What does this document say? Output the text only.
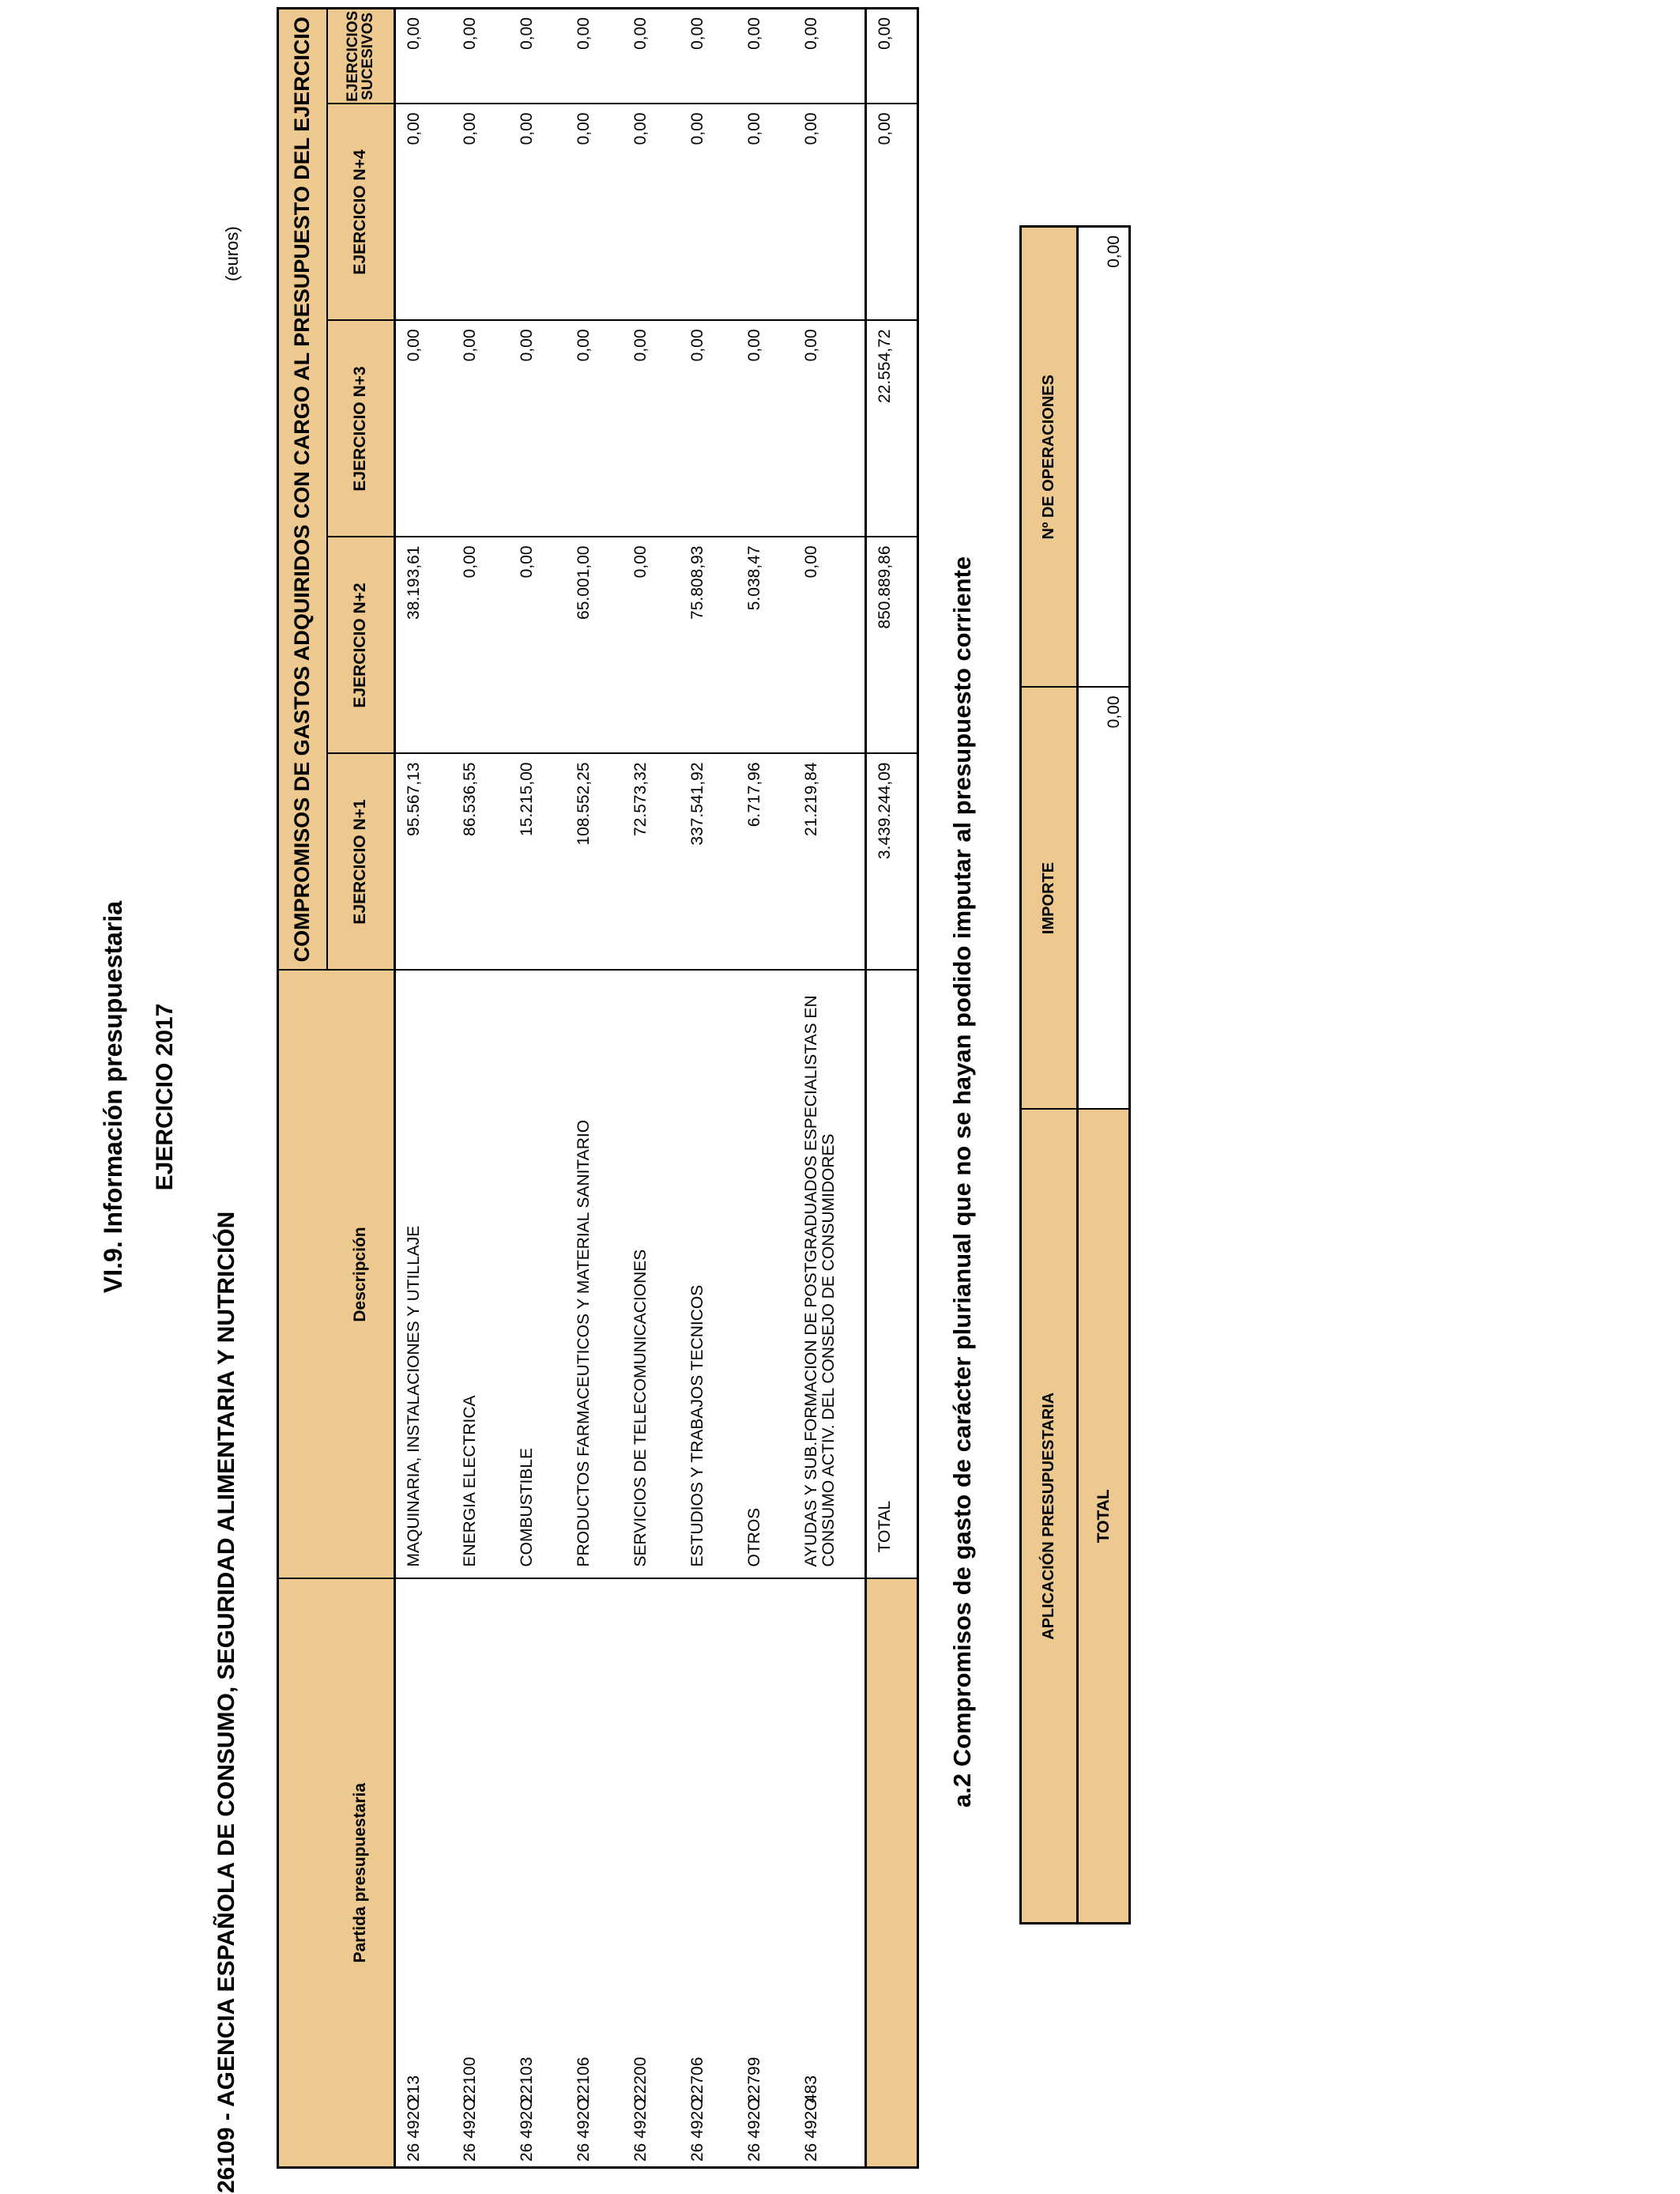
VI.9. Información presupuestaria EJERCICIO 2017
26109 - AGENCIA ESPAÑOLA DE CONSUMO, SEGURIDAD ALIMENTARIA Y NUTRICIÓN
(euros)
		COMPROMISOS DE GASTOS ADQUIRIDOS CON CARGO AL PRESUPUESTO DEL EJERCICIO				
Partida presupuestaria	Descripción	EJERCICIO N+1	EJERCICIO N+2	EJERCICIO N+3	EJERCICIO N+4	EJERCICIOS SUCESIVOS
26 492O213	MAQUINARIA, INSTALACIONES Y UTILLAJE	95.567,13	38.193,61	0,00	0,00	0,00
26 492O22100	ENERGIA ELECTRICA	86.536,55	0,00	0,00	0,00	0,00
26 492O22103	COMBUSTIBLE	15.215,00	0,00	0,00	0,00	0,00
26 492O22106	PRODUCTOS FARMACEUTICOS Y MATERIAL SANITARIO	108.552,25	65.001,00	0,00	0,00	0,00
26 492O22200	SERVICIOS DE TELECOMUNICACIONES	72.573,32	0,00	0,00	0,00	0,00
26 492O22706	ESTUDIOS Y TRABAJOS TECNICOS	337.541,92	75.808,93	0,00	0,00	0,00
26 492O22799	OTROS	6.717,96	5.038,47	0,00	0,00	0,00
26 492O483	AYUDAS Y SUB.FORMACION DE POSTGRADUADOS ESPECIALISTAS EN CONSUMO ACTIV. DEL CONSEJO DE CONSUMIDORES	21.219,84	0,00	0,00	0,00	0,00
	TOTAL	3.439.244,09	850.889,86	22.554,72	0,00	0,00
a.2 Compromisos de gasto de carácter plurianual que no se hayan podido imputar al presupuesto corriente	APLICACIÓN PRESUPUESTARIA	IMPORTE	Nº DE OPERACIONES
TOTAL	0,00	0,00
